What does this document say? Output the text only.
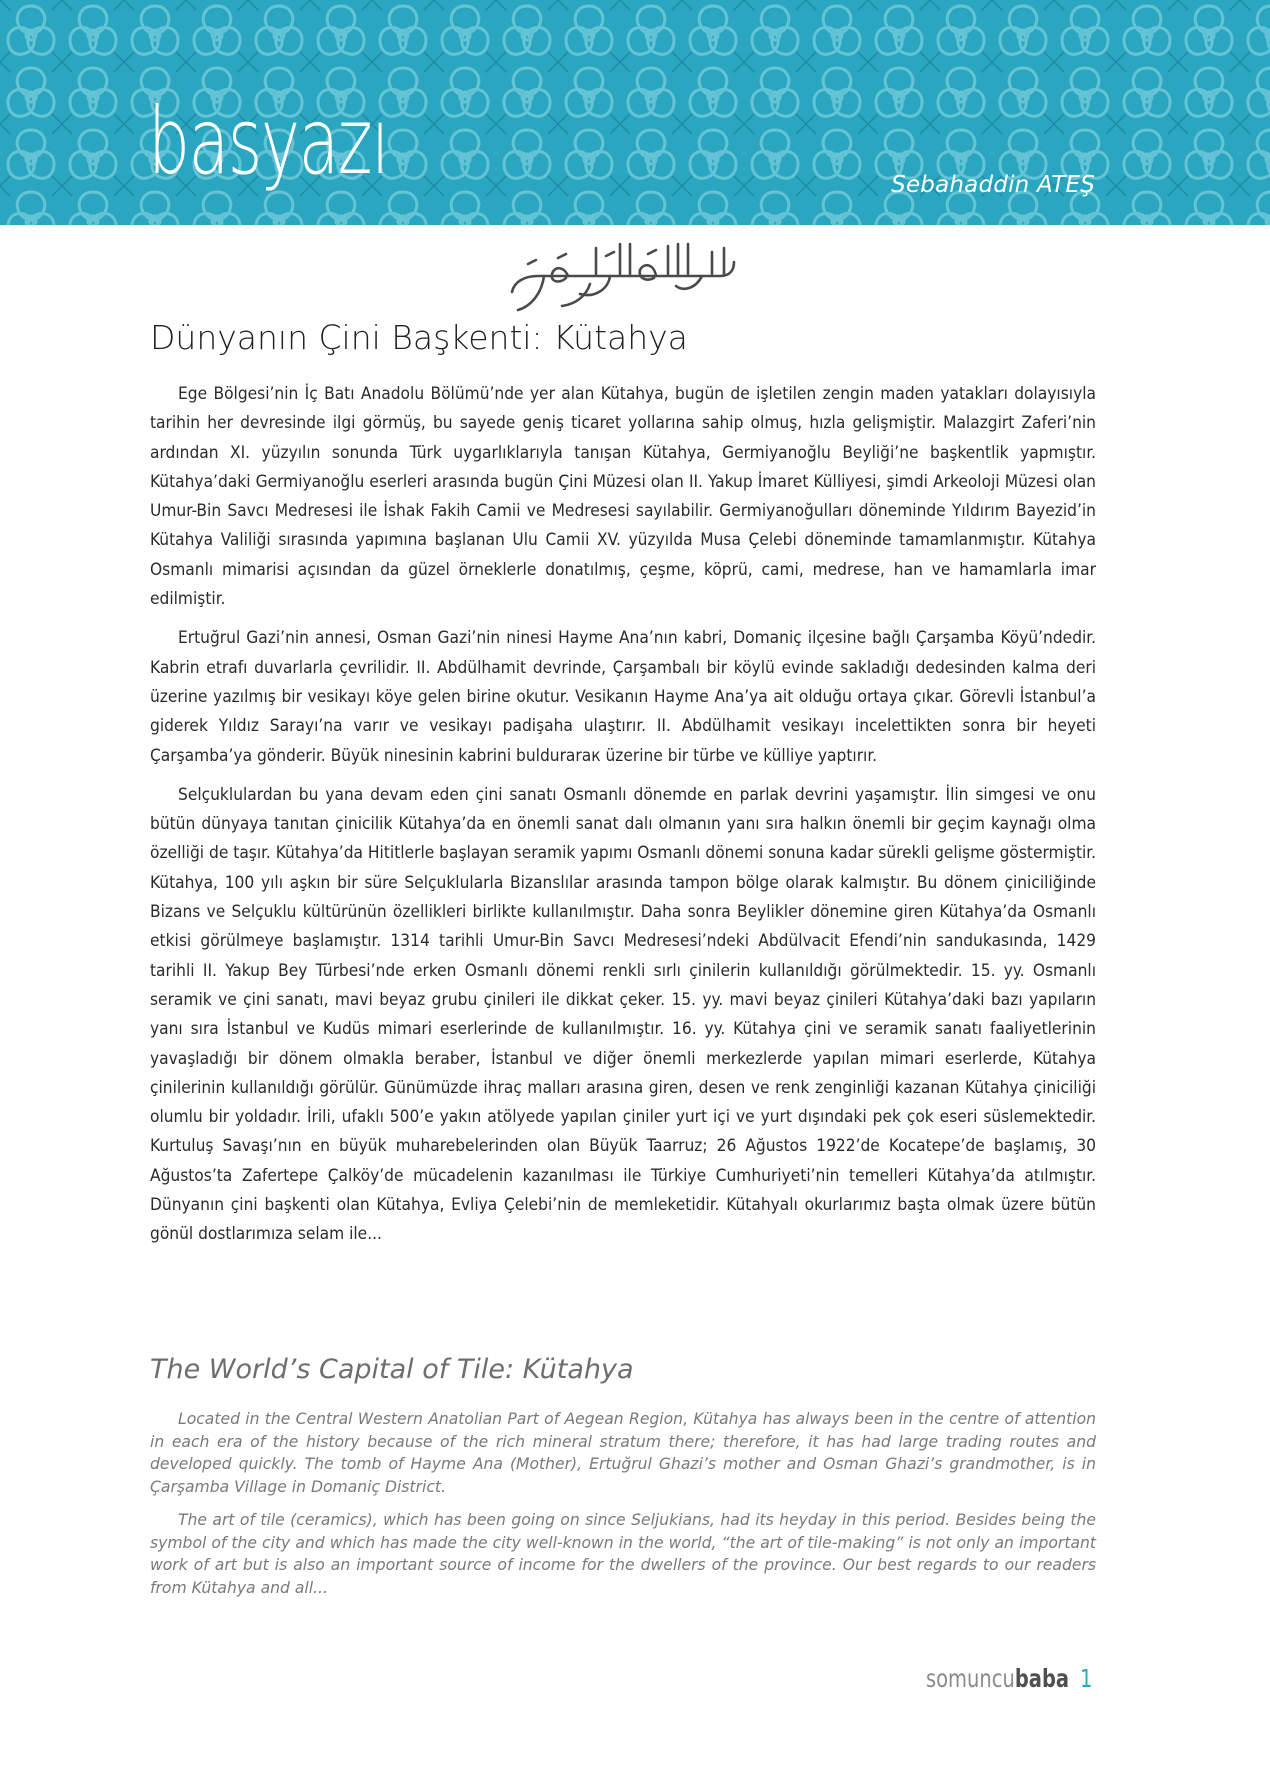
basyazı	Sebahaddin ATEŞ
Dünyanın Çini Başkenti: Kütahya

Ege Bölgesi’nin İç Batı Anadolu Bölümü’nde yer alan Kütahya, bugün de işletilen zengin maden yatakları dolayısıyla tarihin her devresinde ilgi görmüş, bu sayede geniş ticaret yollarına sahip olmuş, hızla gelişmiştir. Malazgirt Zaferi’nin ardından XI. yüzyılın sonunda Türk uygarlıklarıyla tanışan Kütahya, Germiyanoğlu Beyliği’ne başkentlik yapmıştır. Kütahya’daki Germiyanoğlu eserleri arasında bugün Çini Müzesi olan II. Yakup İmaret Külliyesi, şimdi Arkeoloji Müzesi olan Umur-Bin Savcı Medresesi ile İshak Fakih Camii ve Medresesi sayılabilir. Germiyanoğulları döneminde Yıldırım Bayezid’in Kütahya Valiliği sırasında yapımına başlanan Ulu Camii XV. yüzyılda Musa Çelebi döneminde tamamlanmıştır. Kütahya Osmanlı mimarisi açısından da güzel örneklerle donatılmış, çeşme, köprü, cami, medrese, han ve hamamlarla imar edilmiştir.

Ertuğrul Gazi’nin annesi, Osman Gazi’nin ninesi Hayme Ana’nın kabri, Domaniç ilçesine bağlı Çarşamba Köyü’ndedir. Kabrin etrafı duvarlarla çevrilidir. II. Abdülhamit devrinde, Çarşambalı bir köylü evinde sakladığı dedesinden kalma deri üzerine yazılmış bir vesikayı köye gelen birine okutur. Vesikanın Hayme Ana’ya ait olduğu ortaya çıkar. Görevli İstanbul’a giderek Yıldız Sarayı’na varır ve vesikayı padişaha ulaştırır. II. Abdülhamit vesikayı incelettikten sonra bir heyeti Çarşamba’ya gönderir. Büyük ninesinin kabrini bulduraraк üzerine bir türbe ve külliye yaptırır.

Selçuklulardan bu yana devam eden çini sanatı Osmanlı dönemde en parlak devrini yaşamıştır. İlin simgesi ve onu bütün dünyaya tanıtan çinicilik Kütahya’da en önemli sanat dalı olmanın yanı sıra halkın önemli bir geçim kaynağı olma özelliği de taşır. Kütahya’da Hititlerle başlayan seramik yapımı Osmanlı dönemi sonuna kadar sürekli gelişme göstermiştir. Kütahya, 100 yılı aşkın bir süre Selçuklularla Bizanslılar arasında tampon bölge olarak kalmıştır. Bu dönem çiniciliğinde Bizans ve Selçuklu kültürünün özellikleri birlikte kullanılmıştır. Daha sonra Beylikler dönemine giren Kütahya’da Osmanlı etkisi görülmeye başlamıştır. 1314 tarihli Umur-Bin Savcı Medresesi’ndeki Abdülvacit Efendi’nin sandukasında, 1429 tarihli II. Yakup Bey Türbesi’nde erken Osmanlı dönemi renkli sırlı çinilerin kullanıldığı görülmektedir. 15. yy. Osmanlı seramik ve çini sanatı, mavi beyaz grubu çinileri ile dikkat çeker. 15. yy. mavi beyaz çinileri Kütahya’daki bazı yapıların yanı sıra İstanbul ve Kudüs mimari eserlerinde de kullanılmıştır. 16. yy. Kütahya çini ve seramik sanatı faaliyetlerinin yavaşladığı bir dönem olmakla beraber, İstanbul ve diğer önemli merkezlerde yapılan mimari eserlerde, Kütahya çinilerinin kullanıldığı görülür. Günümüzde ihraç malları arasına giren, desen ve renk zenginliği kazanan Kütahya çiniciliği olumlu bir yoldadır. İrili, ufaklı 500’e yakın atölyede yapılan çiniler yurt içi ve yurt dışındaki pek çok eseri süslemektedir. Kurtuluş Savaşı’nın en büyük muharebelerinden olan Büyük Taarruz; 26 Ağustos 1922’de Kocatepe’de başlamış, 30 Ağustos’ta Zafertepe Çalköy’de mücadelenin kazanılması ile Türkiye Cumhuriyeti’nin temelleri Kütahya’da atılmıştır. Dünyanın çini başkenti olan Kütahya, Evliya Çelebi’nin de memleketidir. Kütahyalı okurlarımız başta olmak üzere bütün gönül dostlarımıza selam ile...

The World’s Capital of Tile: Kütahya

Located in the Central Western Anatolian Part of Aegean Region, Kütahya has always been in the centre of attention in each era of the history because of the rich mineral stratum there; therefore, it has had large trading routes and developed quickly. The tomb of Hayme Ana (Mother), Ertuğrul Ghazi’s mother and Osman Ghazi’s grandmother, is in Çarşamba Village in Domaniç District.

The art of tile (ceramics), which has been going on since Seljukians, had its heyday in this period. Besides being the symbol of the city and which has made the city well-known in the world, “the art of tile-making” is not only an important work of art but is also an important source of income for the dwellers of the province. Our best regards to our readers from Kütahya and all...

somuncubaba 1
